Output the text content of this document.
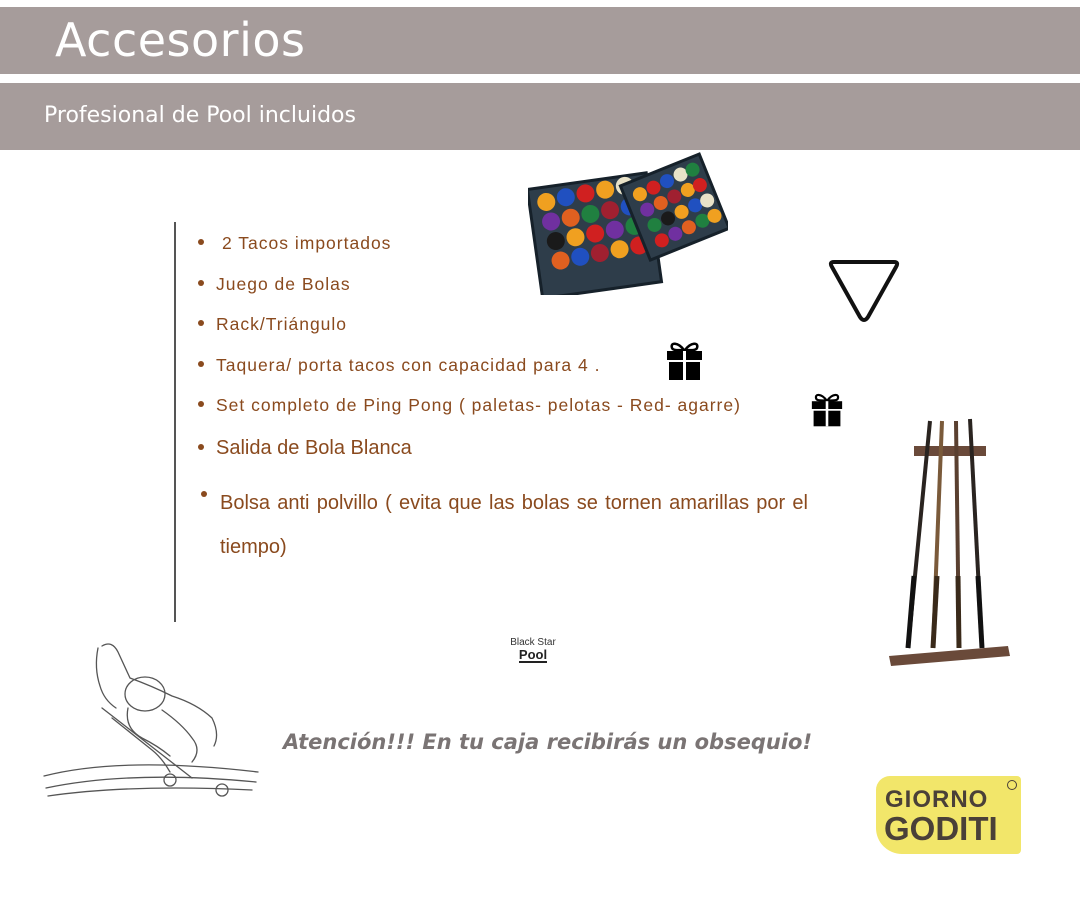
Accesorios
Profesional de Pool incluidos
2 Tacos importados
Juego de Bolas
Rack/Triángulo
Taquera/ porta tacos con capacidad para 4 .
Set completo de Ping Pong ( paletas- pelotas - Red- agarre)
Salida de Bola Blanca
Bolsa anti polvillo ( evita que las bolas se tornen amarillas por el tiempo)
Black Star
Pool
Atención!!! En tu caja recibirás un obsequio!
GIORNO
GODITI
